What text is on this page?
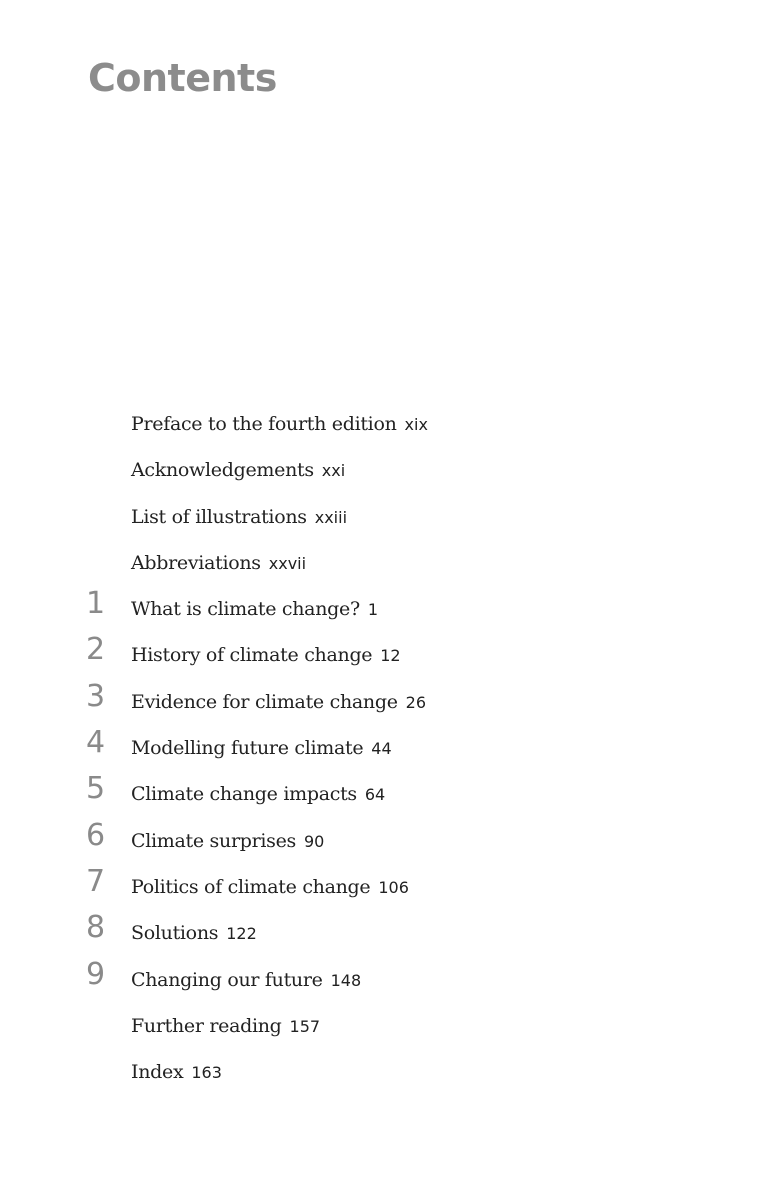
Contents
Preface to the fourth edition xix
Acknowledgements xxi
List of illustrations xxiii
Abbreviations xxvii
1 What is climate change? 1
2 History of climate change 12
3 Evidence for climate change 26
4 Modelling future climate 44
5 Climate change impacts 64
6 Climate surprises 90
7 Politics of climate change 106
8 Solutions 122
9 Changing our future 148
Further reading 157
Index 163
